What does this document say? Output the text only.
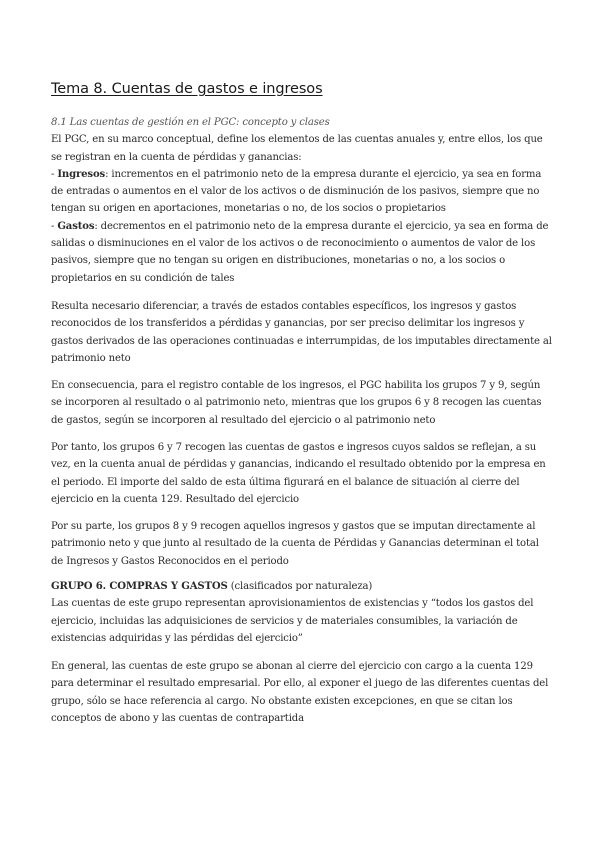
Tema 8. Cuentas de gastos e ingresos
8.1 Las cuentas de gestión en el PGC: concepto y clases
El PGC, en su marco conceptual, define los elementos de las cuentas anuales y, entre ellos, los que se registran en la cuenta de pérdidas y ganancias:
- Ingresos: incrementos en el patrimonio neto de la empresa durante el ejercicio, ya sea en forma de entradas o aumentos en el valor de los activos o de disminución de los pasivos, siempre que no tengan su origen en aportaciones, monetarias o no, de los socios o propietarios
- Gastos: decrementos en el patrimonio neto de la empresa durante el ejercicio, ya sea en forma de salidas o disminuciones en el valor de los activos o de reconocimiento o aumentos de valor de los pasivos, siempre que no tengan su origen en distribuciones, monetarias o no, a los socios o propietarios en su condición de tales

Resulta necesario diferenciar, a través de estados contables específicos, los ingresos y gastos reconocidos de los transferidos a pérdidas y ganancias, por ser preciso delimitar los ingresos y gastos derivados de las operaciones continuadas e interrumpidas, de los imputables directamente al patrimonio neto

En consecuencia, para el registro contable de los ingresos, el PGC habilita los grupos 7 y 9, según se incorporen al resultado o al patrimonio neto, mientras que los grupos 6 y 8 recogen las cuentas de gastos, según se incorporen al resultado del ejercicio o al patrimonio neto

Por tanto, los grupos 6 y 7 recogen las cuentas de gastos e ingresos cuyos saldos se reflejan, a su vez, en la cuenta anual de pérdidas y ganancias, indicando el resultado obtenido por la empresa en el periodo. El importe del saldo de esta última figurará en el balance de situación al cierre del ejercicio en la cuenta 129. Resultado del ejercicio

Por su parte, los grupos 8 y 9 recogen aquellos ingresos y gastos que se imputan directamente al patrimonio neto y que junto al resultado de la cuenta de Pérdidas y Ganancias determinan el total de Ingresos y Gastos Reconocidos en el periodo

GRUPO 6. COMPRAS Y GASTOS (clasificados por naturaleza)
Las cuentas de este grupo representan aprovisionamientos de existencias y “todos los gastos del ejercicio, incluidas las adquisiciones de servicios y de materiales consumibles, la variación de existencias adquiridas y las pérdidas del ejercicio”

En general, las cuentas de este grupo se abonan al cierre del ejercicio con cargo a la cuenta 129 para determinar el resultado empresarial. Por ello, al exponer el juego de las diferentes cuentas del grupo, sólo se hace referencia al cargo. No obstante existen excepciones, en que se citan los conceptos de abono y las cuentas de contrapartida
